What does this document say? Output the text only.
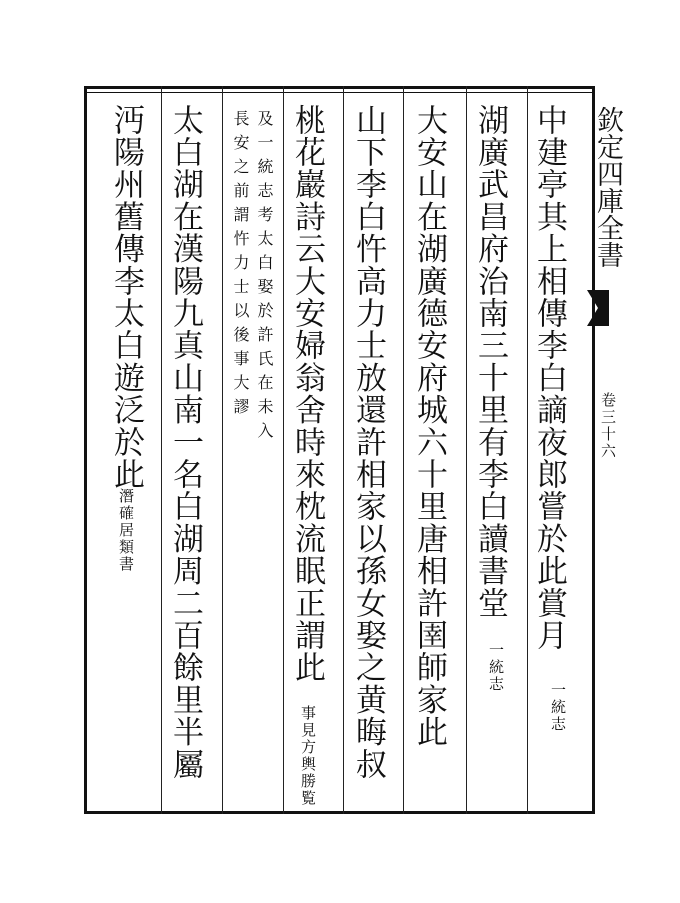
欽定四庫全書
卷三十六
中建亭其上相傳李白謫夜郎嘗於此賞月
一統志
湖廣武昌府治南三十里有李白讀書堂
一統志
大安山在湖廣德安府城六十里唐相許圉師家此
山下李白忤高力士放還許相家以孫女娶之黄晦叔
桃花巖詩云大安婦翁舍時來枕流眠正謂此
事見方輿勝覧
及一統志考太白娶於許氏在未入
長安之前謂忤力士以後事大謬
太白湖在漢陽九真山南一名白湖周二百餘里半屬
沔陽州舊傳李太白遊泛於此
潛確居類書
